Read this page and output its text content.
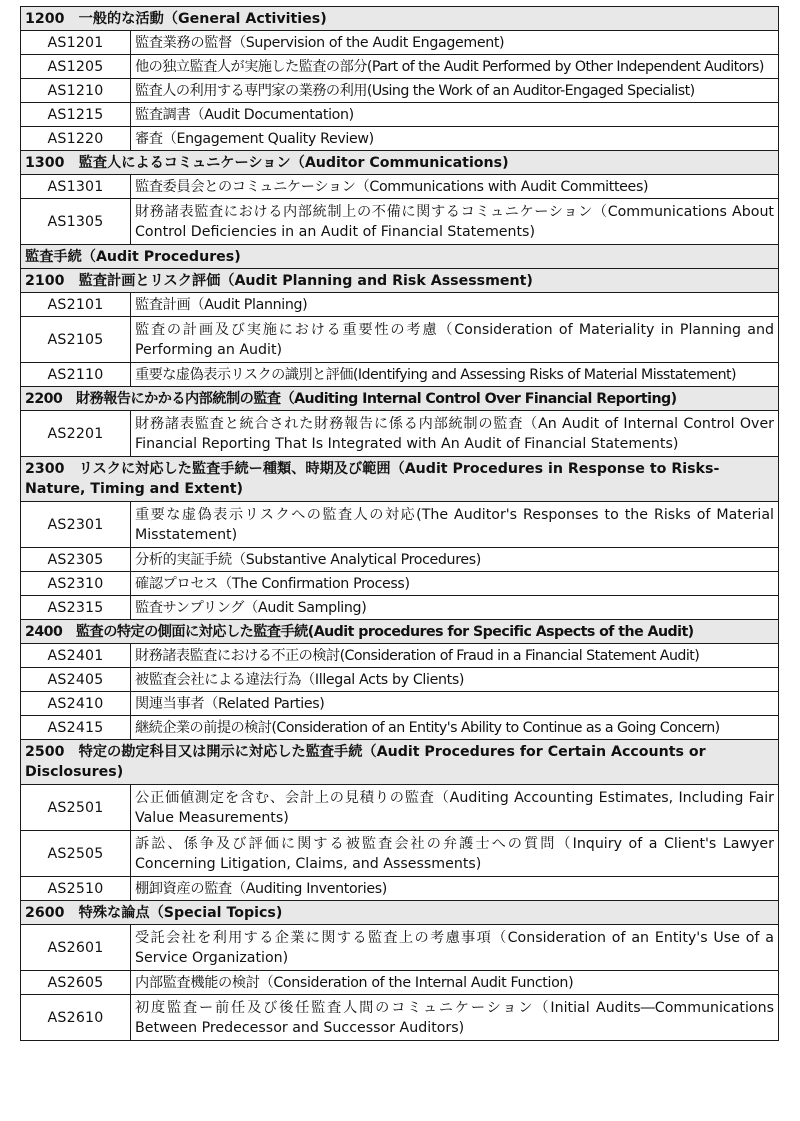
1200　一般的な活動（General Activities)	
AS1201	監査業務の監督（Supervision of the Audit Engagement)
AS1205	他の独立監査人が実施した監査の部分(Part of the Audit Performed by Other Independent Auditors)
AS1210	監査人の利用する専門家の業務の利用(Using the Work of an Auditor-Engaged Specialist)
AS1215	監査調書（Audit Documentation)
AS1220	審査（Engagement Quality Review)
1300　監査人によるコミュニケーション（Auditor Communications)	
AS1301	監査委員会とのコミュニケーション（Communications with Audit Committees)
AS1305	財務諸表監査における内部統制上の不備に関するコミュニケーション（Communications About Control Deficiencies in an Audit of Financial Statements)
監査手続（Audit Procedures)	
2100　監査計画とリスク評価（Audit Planning and Risk Assessment)	
AS2101	監査計画（Audit Planning)
AS2105	監査の計画及び実施における重要性の考慮（Consideration of Materiality in Planning and Performing an Audit)
AS2110	重要な虚偽表示リスクの識別と評価(Identifying and Assessing Risks of Material Misstatement)
2200　財務報告にかかる内部統制の監査（Auditing Internal Control Over Financial Reporting)	
AS2201	財務諸表監査と統合された財務報告に係る内部統制の監査（An Audit of Internal Control Over Financial Reporting That Is Integrated with An Audit of Financial Statements)
2300　リスクに対応した監査手続ー種類、時期及び範囲（Audit Procedures in Response to Risks-Nature, Timing and Extent)	
AS2301	重要な虚偽表示リスクへの監査人の対応(The Auditor's Responses to the Risks of Material Misstatement)
AS2305	分析的実証手続（Substantive Analytical Procedures)
AS2310	確認プロセス（The Confirmation Process)
AS2315	監査サンプリング（Audit Sampling)
2400　監査の特定の側面に対応した監査手続(Audit procedures for Specific Aspects of the Audit)	
AS2401	財務諸表監査における不正の検討(Consideration of Fraud in a Financial Statement Audit)
AS2405	被監査会社による違法行為（Illegal Acts by Clients)
AS2410	関連当事者（Related Parties)
AS2415	継続企業の前提の検討(Consideration of an Entity's Ability to Continue as a Going Concern)
2500　特定の勘定科目又は開示に対応した監査手続（Audit Procedures for Certain Accounts or Disclosures)	
AS2501	公正価値測定を含む、会計上の見積りの監査（Auditing Accounting Estimates, Including Fair Value Measurements)
AS2505	訴訟、係争及び評価に関する被監査会社の弁護士への質問（Inquiry of a Client's Lawyer Concerning Litigation, Claims, and Assessments)
AS2510	棚卸資産の監査（Auditing Inventories)
2600　特殊な論点（Special Topics)	
AS2601	受託会社を利用する企業に関する監査上の考慮事項（Consideration of an Entity's Use of a Service Organization)
AS2605	内部監査機能の検討（Consideration of the Internal Audit Function)
AS2610	初度監査ー前任及び後任監査人間のコミュニケーション（Initial Audits―Communications Between Predecessor and Successor Auditors)
